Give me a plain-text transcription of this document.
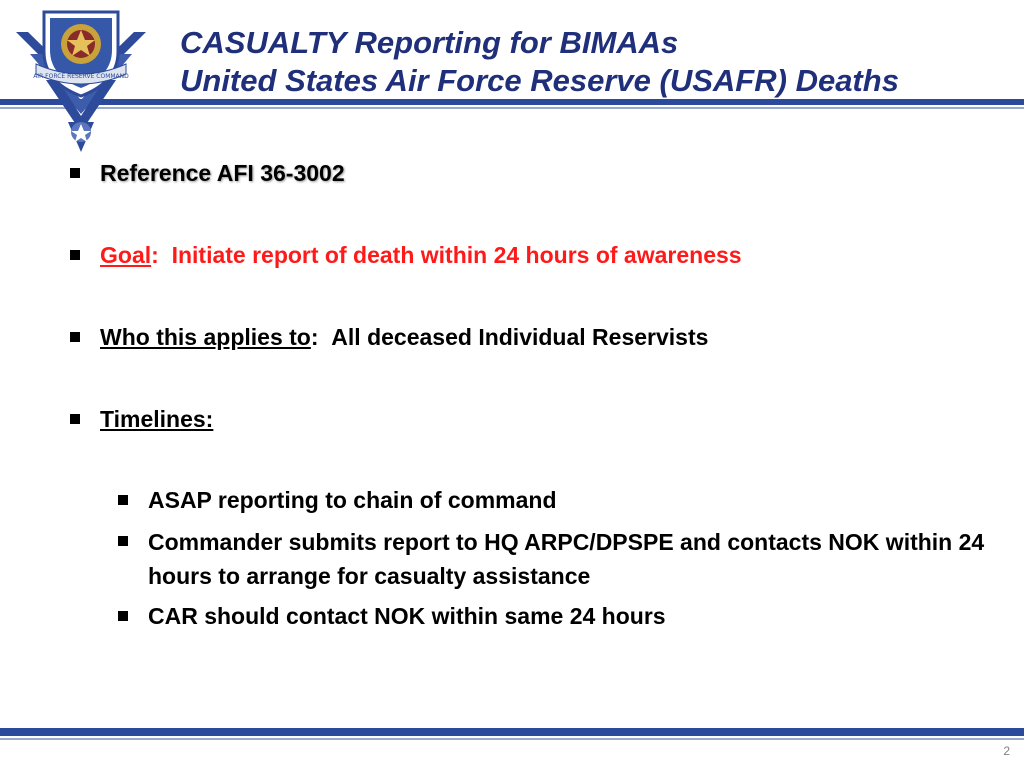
AIR FORCE RESERVE COMMAND
CASUALTY Reporting for BIMAAs
United States Air Force Reserve (USAFR) Deaths
Reference AFI 36-3002
Goal: Initiate report of death within 24 hours of awareness
Who this applies to: All deceased Individual Reservists
Timelines:
ASAP reporting to chain of command
Commander submits report to HQ ARPC/DPSPE and contacts NOK within 24 hours to arrange for casualty assistance
CAR should contact NOK within same 24 hours
2
